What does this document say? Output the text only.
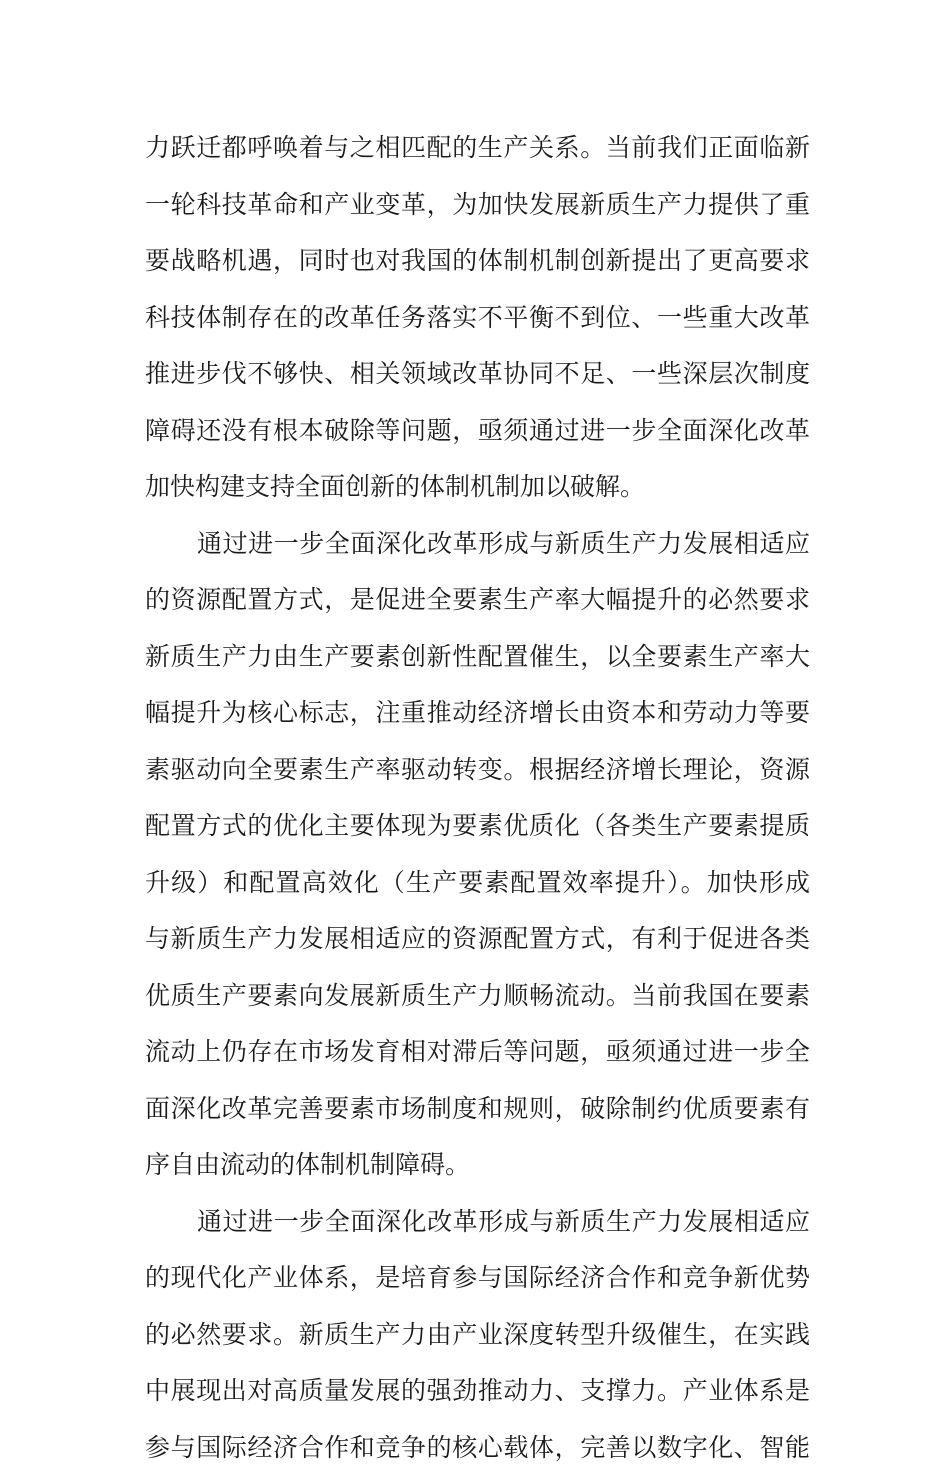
力跃迁都呼唤着与之相匹配的生产关系。当前我们正面临新
一轮科技革命和产业变革，为加快发展新质生产力提供了重
要战略机遇，同时也对我国的体制机制创新提出了更高要求
科技体制存在的改革任务落实不平衡不到位、一些重大改革
推进步伐不够快、相关领域改革协同不足、一些深层次制度
障碍还没有根本破除等问题，亟须通过进一步全面深化改革
加快构建支持全面创新的体制机制加以破解。
通过进一步全面深化改革形成与新质生产力发展相适应
的资源配置方式，是促进全要素生产率大幅提升的必然要求
新质生产力由生产要素创新性配置催生，以全要素生产率大
幅提升为核心标志，注重推动经济增长由资本和劳动力等要
素驱动向全要素生产率驱动转变。根据经济增长理论，资源
配置方式的优化主要体现为要素优质化（各类生产要素提质
升级）和配置高效化（生产要素配置效率提升）。加快形成
与新质生产力发展相适应的资源配置方式，有利于促进各类
优质生产要素向发展新质生产力顺畅流动。当前我国在要素
流动上仍存在市场发育相对滞后等问题，亟须通过进一步全
面深化改革完善要素市场制度和规则，破除制约优质要素有
序自由流动的体制机制障碍。
通过进一步全面深化改革形成与新质生产力发展相适应
的现代化产业体系，是培育参与国际经济合作和竞争新优势
的必然要求。新质生产力由产业深度转型升级催生，在实践
中展现出对高质量发展的强劲推动力、支撑力。产业体系是
参与国际经济合作和竞争的核心载体，完善以数字化、智能
